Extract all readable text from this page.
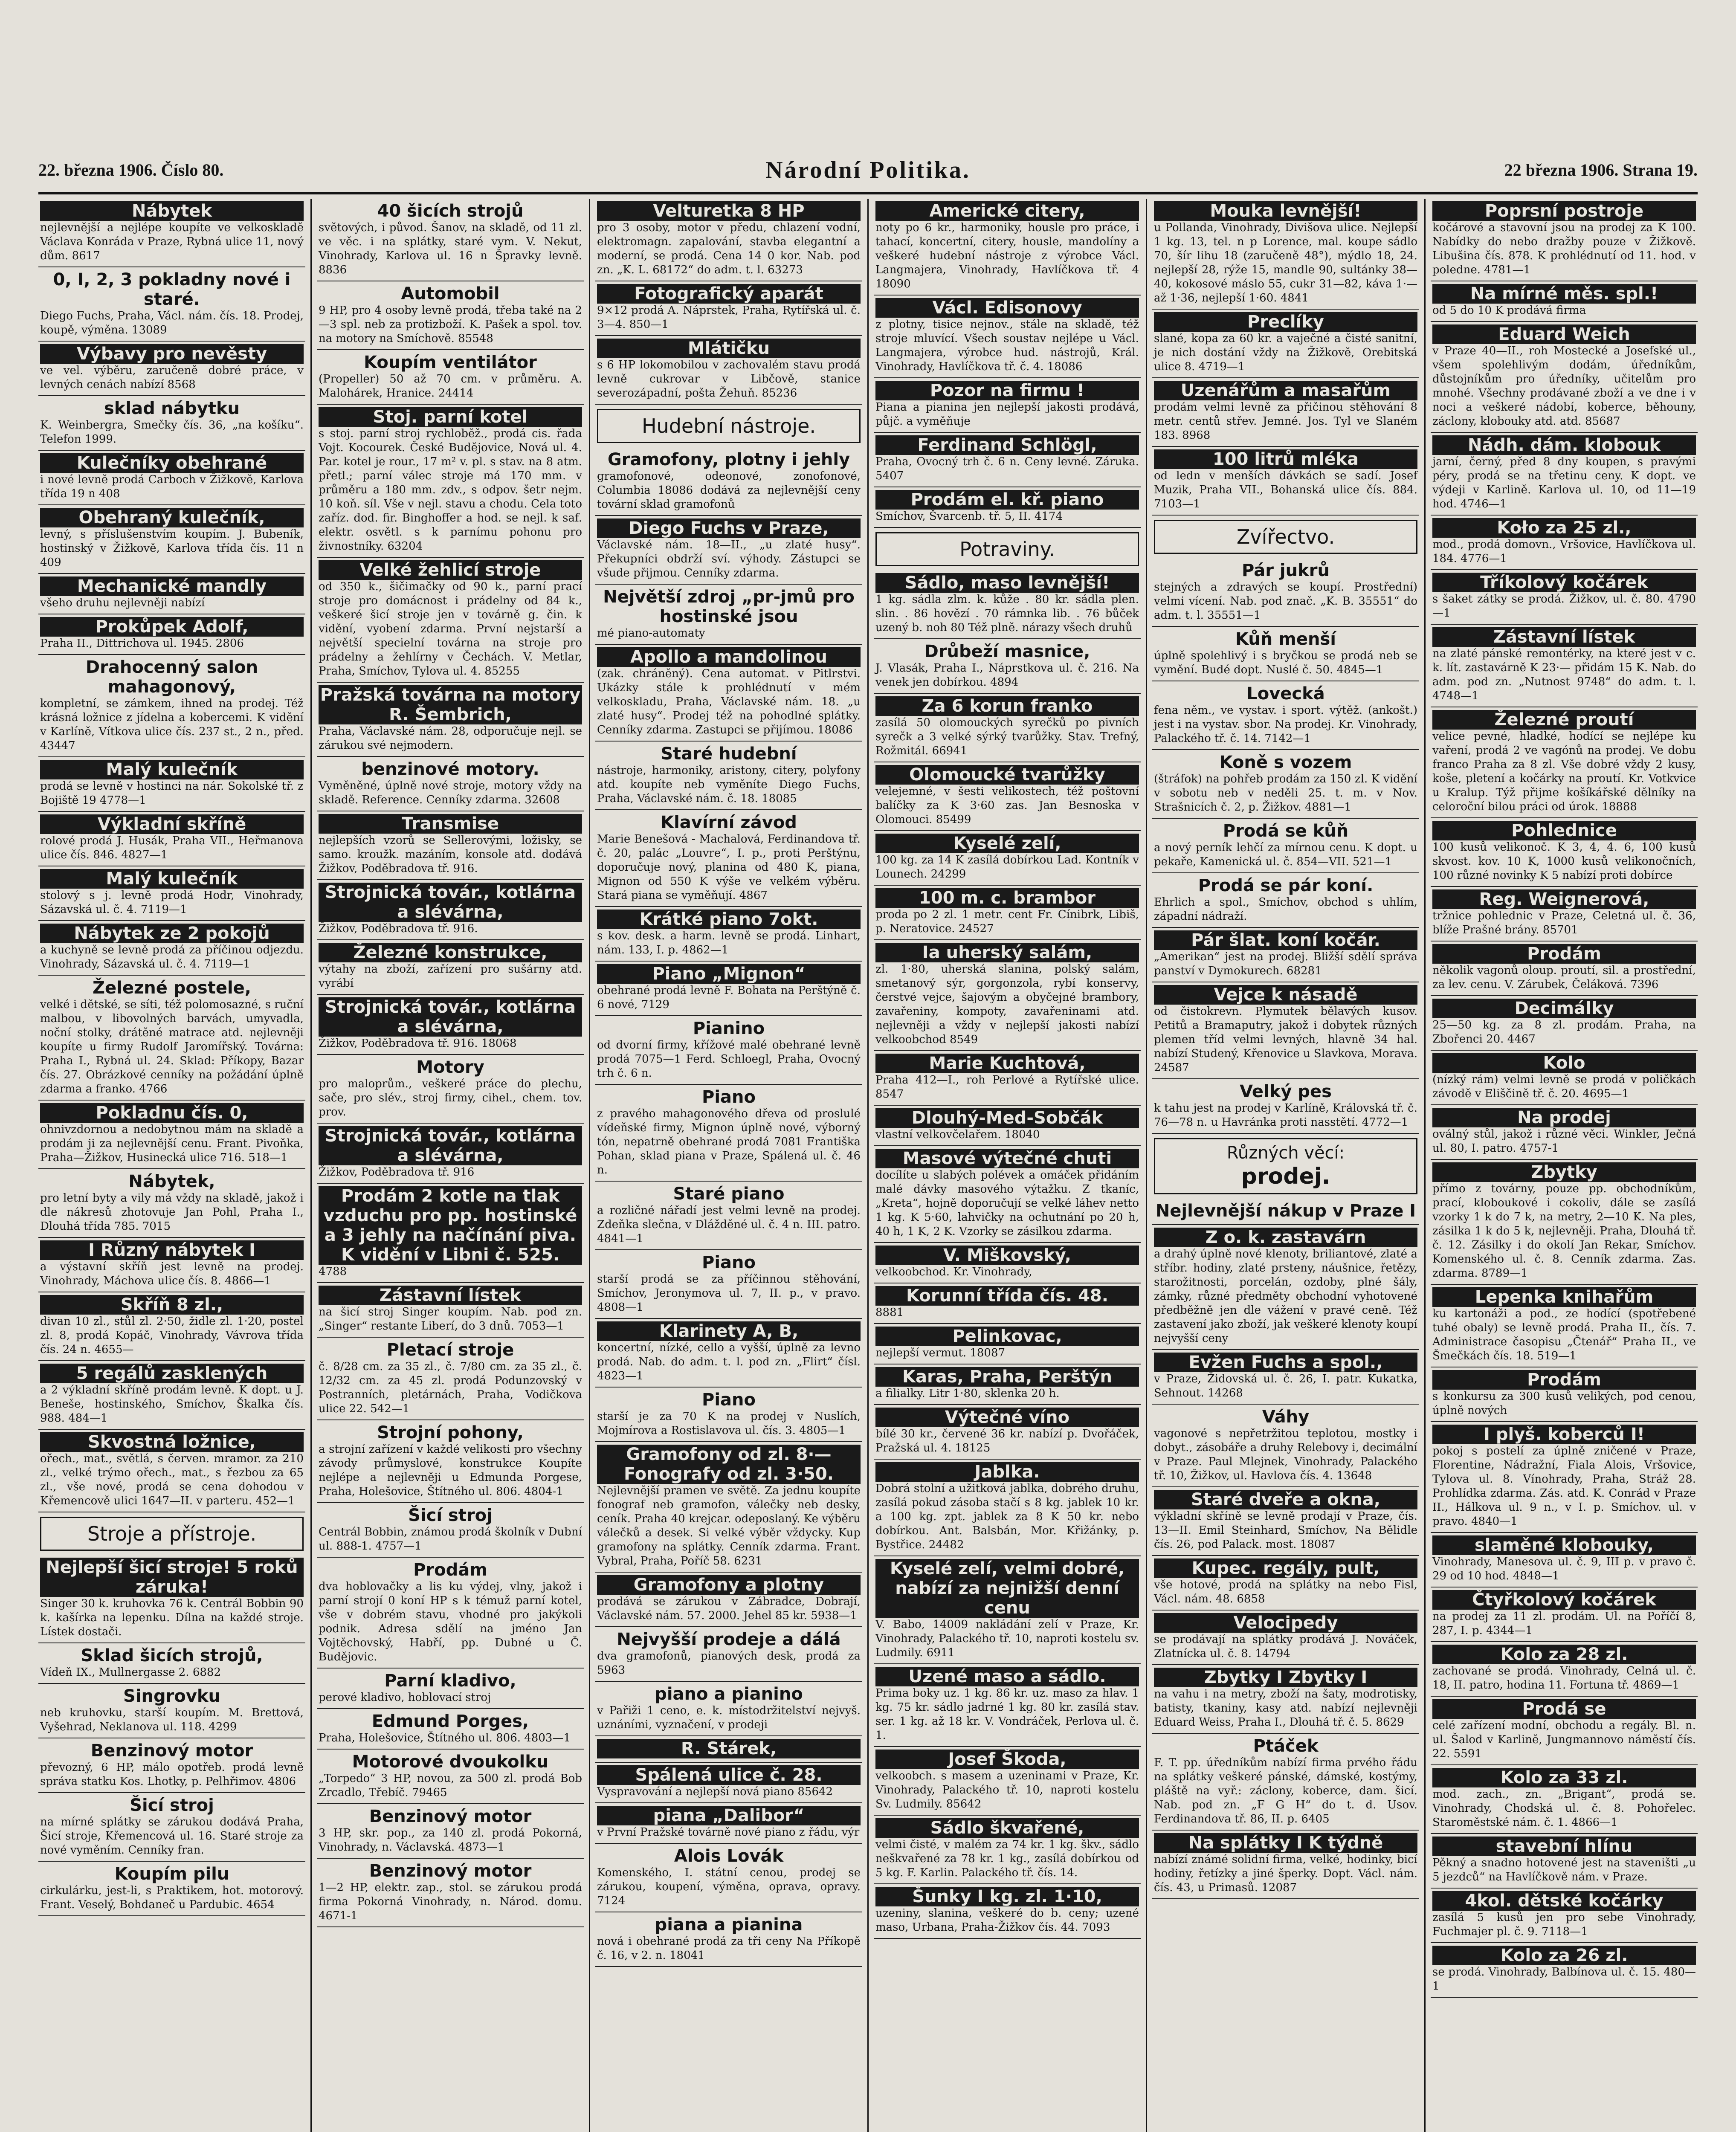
22. března 1906. Číslo 80.	Národní Politika.	22 března 1906. Strana 19.
Nábytek
nejlevnější a nejlépe koupíte ve velkoskladě Václava Konráda v Praze, Rybná ulice 11, nový dům. 8617
0, I, 2, 3 pokladny nové i staré.
Diego Fuchs, Praha, Václ. nám. čís. 18. Prodej, koupě, výměna. 13089
Výbavy pro nevěsty
ve vel. výběru, zaručeně dobré práce, v levných cenách nabízí 8568
sklad nábytku
K. Weinbergra, Smečky čís. 36, „na košíku“. Telefon 1999.
Kulečníky obehrané
i nové levně prodá Carboch v Žižkově, Karlova třída 19 n 408
Obehraný kulečník,
levný, s příslušenstvím koupím. J. Bubeník, hostinský v Žižkově, Karlova třída čís. 11 n 409
Mechanické mandly
všeho druhu nejlevněji nabízí
Prokůpek Adolf,
Praha II., Dittrichova ul. 1945. 2806
Drahocenný salon mahagonový,
kompletní, se zámkem, ihned na prodej. Též krásná ložnice z jídelna a kobercemi. K vidění v Karlíně, Vítkova ulice čís. 237 st., 2 n., před. 43447
Malý kulečník
prodá se levně v hostinci na nár. Sokolské tř. z Bojiště 19 4778—1
Výkladní skříně
rolové prodá J. Husák, Praha VII., Heřmanova ulice čís. 846. 4827—1
Malý kulečník
stolový s j. levně prodá Hodr, Vinohrady, Sázavská ul. č. 4. 7119—1
Nábytek ze 2 pokojů
a kuchyně se levně prodá za příčinou odjezdu. Vinohrady, Sázavská ul. č. 4. 7119—1
Železné postele,
velké i dětské, se síti, též polomosazné, s ruční malbou, v libovolných barvách, umyvadla, noční stolky, drátěné matrace atd. nejlevněji koupíte u firmy Rudolf Jaromířský. Továrna: Praha I., Rybná ul. 24. Sklad: Příkopy, Bazar čís. 27. Obrázkové cenníky na požádání úplně zdarma a franko. 4766
Pokladnu čís. 0,
ohnivzdornou a nedobytnou mám na skladě a prodám ji za nejlevnější cenu. Frant. Pivoňka, Praha—Žižkov, Husinecká ulice 716. 518—1
Nábytek,
pro letní byty a vily má vždy na skladě, jakož i dle nákresů zhotovuje Jan Pohl, Praha I., Dlouhá třída 785. 7015
I Různý nábytek I
a výstavní skříň jest levně na prodej. Vinohrady, Máchova ulice čís. 8. 4866—1
Skříň 8 zl.,
divan 10 zl., stůl zl. 2·50, židle zl. 1·20, postel zl. 8, prodá Kopáč, Vinohrady, Vávrova třída čís. 24 n. 4655—
5 regálů zasklených
a 2 výkladní skříně prodám levně. K dopt. u J. Beneše, hostinského, Smíchov, Škalka čís. 988. 484—1
Skvostná ložnice,
ořech., mat., světlá, s červen. mramor. za 210 zl., velké trýmo ořech., mat., s řezbou za 65 zl., vše nové, prodá se cena dohodou v Křemencově ulici 1647—II. v parteru. 452—1
Stroje a přístroje.
Nejlepší šicí stroje! 5 roků záruka!
Singer 30 k. kruhovka 76 k. Centrál Bobbin 90 k. kašírka na lepenku. Dílna na každé stroje. Lístek dostači.
Sklad šicích strojů,
Vídeň IX., Mullnergasse 2. 6882
Singrovku
neb kruhovku, starší koupím. M. Brettová, Vyšehrad, Neklanova ul. 118. 4299
Benzinový motor
převozný, 6 HP, málo opotřeb. prodá levně správa statku Kos. Lhotky, p. Pelhřimov. 4806
Šicí stroj
na mírné splátky se zárukou dodává Praha, Šicí stroje, Křemencová ul. 16. Staré stroje za nové vyměním. Cenníky fran.
Koupím pilu
cirkulárku, jest-li, s Praktikem, hot. motorový. Frant. Veselý, Bohdaneč u Pardubic. 4654
40 šicích strojů
světových, i původ. Šanov, na skladě, od 11 zl. ve věc. i na splátky, staré vym. V. Nekut, Vinohrady, Karlova ul. 16 n Špravky levně. 8836
Automobil
9 HP, pro 4 osoby levně prodá, třeba také na 2—3 spl. neb za protizboží. K. Pašek a spol. tov. na motory na Smíchově. 85548
Koupím ventilátor
(Propeller) 50 až 70 cm. v průměru. A. Malohárek, Hranice. 24414
Stoj. parní kotel
s stoj. parní stroj rychloběž., prodá cis. řada Vojt. Kocourek. České Budějovice, Nová ul. 4. Par. kotel je rour., 17 m² v. pl. s stav. na 8 atm. přetl.; parní válec stroje má 170 mm. v průměru a 180 mm. zdv., s odpov. šetr nejm. 10 koň. síl. Vše v nejl. stavu a chodu. Cela toto zaříz. dod. fir. Binghoffer a hod. se nejl. k saf. elektr. osvětl. s k parnímu pohonu pro živnostníky. 63204
Velké žehlicí stroje
od 350 k., šičimačky od 90 k., parní prací stroje pro domácnost i prádelny od 84 k., veškeré šicí stroje jen v továrně g. čin. k vidění, vyobení zdarma. První nejstarší a největší specielní továrna na stroje pro prádelny a žehlírny v Čechách. V. Metlar, Praha, Smíchov, Tylova ul. 4. 85255
Pražská továrna na motory R. Šembrich,
Praha, Václavské nám. 28, odporučuje nejl. se zárukou své nejmodern.
benzinové motory.
Vyměněné, úplně nové stroje, motory vždy na skladě. Reference. Cenníky zdarma. 32608
Transmise
nejlepších vzorů se Sellerovými, ložisky, se samo. kroužk. mazáním, konsole atd. dodává Žižkov, Poděbradova tř. 916.
Strojnická továr., kotlárna a slévárna,
Žižkov, Poděbradova tř. 916.
Železné konstrukce,
výtahy na zboží, zařízení pro sušárny atd. vyrábí
Strojnická továr., kotlárna a slévárna,
Žižkov, Poděbradova tř. 916. 18068
Motory
pro maloprům., veškeré práce do plechu, sače, pro slév., stroj firmy, cihel., chem. tov. prov.
Strojnická továr., kotlárna a slévárna,
Žižkov, Poděbradova tř. 916
Prodám 2 kotle na tlak vzduchu pro pp. hostinské a 3 jehly na načínání piva. K vidění v Libni č. 525.
4788
Zástavní lístek
na šicí stroj Singer koupím. Nab. pod zn. „Singer“ restante Liberí, do 3 dnů. 7053—1
Pletací stroje
č. 8/28 cm. za 35 zl., č. 7/80 cm. za 35 zl., č. 12/32 cm. za 45 zl. prodá Podunzovský v Postranních, pletárnách, Praha, Vodičkova ulice 22. 542—1
Strojní pohony,
a strojní zařízení v každé velikosti pro všechny závody průmyslové, konstrukce Koupíte nejlépe a nejlevněji u Edmunda Porgese, Praha, Holešovice, Štítného ul. 806. 4804-1
Šicí stroj
Centrál Bobbin, známou prodá školník v Dubní ul. 888-1. 4757—1
Prodám
dva hoblovačky a lis ku výdej, vlny, jakož i parní strojí 0 koní HP s k témuž parní kotel, vše v dobrém stavu, vhodné pro jakýkoli podnik. Adresa sdělí na jméno Jan Vojtěchovský, Habří, pp. Dubné u Č. Budějovic.
Parní kladivo,
perové kladivo, hoblovací stroj
Edmund Porges,
Praha, Holešovice, Štítného ul. 806. 4803—1
Motorové dvoukolku
„Torpedo“ 3 HP, novou, za 500 zl. prodá Bob Zrcadlo, Třebíč. 79465
Benzinový motor
3 HP, skr. pop., za 140 zl. prodá Pokorná, Vinohrady, n. Václavská. 4873—1
Benzinový motor
1—2 HP, elektr. zap., stol. se zárukou prodá firma Pokorná Vinohrady, n. Národ. domu. 4671-1
Velturetka 8 HP
pro 3 osoby, motor v předu, chlazení vodní, elektromagn. zapalování, stavba elegantní a moderní, se prodá. Cena 14 0 kor. Nab. pod zn. „K. L. 68172“ do adm. t. l. 63273
Fotografický aparát
9×12 prodá A. Náprstek, Praha, Rytířská ul. č. 3—4. 850—1
Mlátičku
s 6 HP lokomobilou v zachovalém stavu prodá levně cukrovar v Libčově, stanice severozápadní, pošta Žehuň. 85236
Hudební nástroje.
Gramofony, plotny i jehly
gramofonové, odeonové, zonofonové, Columbia 18086 dodává za nejlevnější ceny tovární sklad gramofonů
Diego Fuchs v Praze,
Václavské nám. 18—II., „u zlaté husy“. Překupníci obdrží sví. výhody. Zástupci se všude přijmou. Cenníky zdarma.
Největší zdroj „pr-jmů pro hostinské jsou
mé piano-automaty
Apollo a mandolinou
(zak. chráněný). Cena automat. v Pitlrstvi. Ukázky stále k prohlédnutí v mém velkoskladu, Praha, Václavské nám. 18. „u zlaté husy“. Prodej též na pohodlné splátky. Cenníky zdarma. Zastupci se přijímou. 18086
Staré hudební
nástroje, harmoniky, aristony, citery, polyfony atd. koupíte neb vyměníte Diego Fuchs, Praha, Václavské nám. č. 18. 18085
Klavírní závod
Marie Benešová - Machalová, Ferdinandova tř. č. 20, palác „Louvre“, I. p., proti Perštýnu, doporučuje nový, planina od 480 K, piana, Mignon od 550 K výše ve velkém výběru. Stará piana se vyměňují. 4867
Krátké piano 7okt.
s kov. desk. a harm. levně se prodá. Linhart, nám. 133, I. p. 4862—1
Piano „Mignon“
obehrané prodá levně F. Bohata na Perštýně č. 6 nové, 7129
Pianino
od dvorní firmy, křížové malé obehrané levně prodá 7075—1 Ferd. Schloegl, Praha, Ovocný trh č. 6 n.
Piano
z pravého mahagonového dřeva od proslulé vídeňské firmy, Mignon úplně nové, výborný tón, nepatrně obehrané prodá 7081 Františka Pohan, sklad piana v Praze, Spálená ul. č. 46 n.
Staré piano
a rozličné nářadí jest velmi levně na prodej. Zdeňka slečna, v Dlážděné ul. č. 4 n. III. patro. 4841—1
Piano
starší prodá se za příčinnou stěhování, Smíchov, Jeronymova ul. 7, II. p., v pravo. 4808—1
Klarinety A, B,
koncertní, nízké, cello a vyšší, úplně za levno prodá. Nab. do adm. t. l. pod zn. „Flirt“ čísl. 4823—1
Piano
starší je za 70 K na prodej v Nuslích, Mojmírova a Rostislavova ul. čís. 3. 4805—1
Gramofony od zl. 8·— Fonografy od zl. 3·50.
Nejlevnější pramen ve světě. Za jednu koupíte fonograf neb gramofon, válečky neb desky, ceník. Praha 40 krejcar. odeposlaný. Ke výběru válečků a desek. Si velké výběr vždycky. Kup gramofony na splátky. Cenník zdarma. Frant. Vybral, Praha, Poříč 58. 6231
Gramofony a plotny
prodává se zárukou v Zábradce, Dobrají, Václavské nám. 57. 2000. Jehel 85 kr. 5938—1
Nejvyšší prodeje a dálá
dva gramofonů, pianových desk, prodá za 5963
piano a pianino
v Pařiži 1 ceno, e. k. místodržitelství nejvyš. uznáními, vyznačení, v prodeji
R. Stárek,
Spálená ulice č. 28.
Vyspravování a nejlepší nová piano 85642
piana „Dalibor“
v První Pražské továrně nové piano z řádu, výr
Alois Lovák
Komenského, I. státní cenou, prodej se zárukou, koupení, výměna, oprava, opravy. 7124
piana a pianina
nová i obehrané prodá za tři ceny Na Příkopě č. 16, v 2. n. 18041
Americké citery,
noty po 6 kr., harmoniky, housle pro práce, i tahací, koncertní, citery, housle, mandolíny a veškeré hudební nástroje z výrobce Václ. Langmajera, Vinohrady, Havlíčkova tř. 4 18090
Václ. Edisonovy
z plotny, tisice nejnov., stále na skladě, též stroje mluvící. Všech soustav nejlépe u Václ. Langmajera, výrobce hud. nástrojů, Král. Vinohrady, Havlíčkova tř. č. 4. 18086
Pozor na firmu !
Piana a pianina jen nejlepší jakosti prodává, půjč. a vyměňuje
Ferdinand Schlögl,
Praha, Ovocný trh č. 6 n. Ceny levné. Záruka. 5407
Prodám el. kř. piano
Smíchov, Švarcenb. tř. 5, II. 4174
Potraviny.
Sádlo, maso levnější!
1 kg. sádla zlm. k. kůže . 80 kr. sádla plen. slin. . 86 hovězí . 70 rámnka lib. . 76 bůček uzený b. noh 80 Též plně. nárazy všech druhů
Drůbeží masnice,
J. Vlasák, Praha I., Náprstkova ul. č. 216. Na venek jen dobírkou. 4894
Za 6 korun franko
zasílá 50 olomouckých syrečků po pivních syrečk a 3 velké sýrký tvarůžky. Stav. Trefný, Rožmitál. 66941
Olomoucké tvarůžky
velejemné, v šesti velikostech, též poštovní balíčky za K 3·60 zas. Jan Besnoska v Olomouci. 85499
Kyselé zelí,
100 kg. za 14 K zasílá dobírkou Lad. Kontník v Lounech. 24299
100 m. c. brambor
proda po 2 zl. 1 metr. cent Fr. Cínibrk, Libiš, p. Neratovice. 24527
Ia uherský salám,
zl. 1·80, uherská slanina, polský salám, smetanový sýr, gorgonzola, rybí konservy, čerstvé vejce, šajovým a obyčejné brambory, zavařeniny, kompoty, zavařeninami atd. nejlevněji a vždy v nejlepší jakosti nabízí velkoobchod 8549
Marie Kuchtová,
Praha 412—I., roh Perlové a Rytířské ulice. 8547
Dlouhý-Med-Sobčák
vlastní velkovčelařem. 18040
Masové výtečné chuti
docílíte u slabých polévek a omáček přidáním malé dávky masového výtažku. Z tkaníc, „Kreta“, hojně doporučují se velké láhev netto 1 kg. K 5·60, lahvičky na ochutnání po 20 h, 40 h, 1 K, 2 K. Vzorky se zásilkou zdarma.
V. Miškovský,
velkoobchod. Kr. Vinohrady,
Korunní třída čís. 48.
8881
Pelinkovac,
nejlepší vermut. 18087
Karas, Praha, Perštýn
a filialky. Litr 1·80, sklenka 20 h.
Výtečné víno
bílé 30 kr., červené 36 kr. nabízí p. Dvořáček, Pražská ul. 4. 18125
Jablka.
Dobrá stolní a užitková jablka, dobrého druhu, zasílá pokud zásoba stačí s 8 kg. jablek 10 kr. a 100 kg. zpt. jablek za 8 K 50 kr. nebo dobírkou. Ant. Balsbán, Mor. Křižánky, p. Bystřice. 24482
Kyselé zelí, velmi dobré, nabízí za nejnižší denní cenu
V. Babo, 14009 nakládání zelí v Praze, Kr. Vinohrady, Palackého tř. 10, naproti kostelu sv. Ludmily. 6911
Uzené maso a sádlo.
Prima boky uz. 1 kg. 86 kr. uz. maso za hlav. 1 kg. 75 kr. sádlo jadrné 1 kg. 80 kr. zasílá stav. ser. 1 kg. až 18 kr. V. Vondráček, Perlova ul. č. 1.
Josef Škoda,
velkoobch. s masem a uzeninami v Praze, Kr. Vinohrady, Palackého tř. 10, naproti kostelu Sv. Ludmily. 85642
Sádlo škvařené,
velmi čisté, v malém za 74 kr. 1 kg. škv., sádlo neškvařené za 78 kr. 1 kg., zasílá dobírkou od 5 kg. F. Karlin. Palackého tř. čís. 14.
Šunky I kg. zl. 1·10,
uzeniny, slanina, veškeré do b. ceny; uzené maso, Urbana, Praha-Žižkov čís. 44. 7093
Mouka levnější!
u Pollanda, Vinohrady, Divišova ulice. Nejlepší 1 kg. 13, tel. n p Lorence, mal. koupe sádlo 70, šír lihu 18 (zaručeně 48°), mýdlo 18, 24. nejlepší 28, rýže 15, mandle 90, sultánky 38—40, kokosové máslo 55, cukr 31—82, káva 1·— až 1·36, nejlepší 1·60. 4841
Preclíky
slané, kopa za 60 kr. a vaječné a čisté sanitní, je nich dostání vždy na Žižkově, Orebitská ulice 8. 4719—1
Uzenářům a masařům
prodám velmi levně za přičinou stěhování 8 metr. centů střev. Jemné. Jos. Tyl ve Slaném 183. 8968
100 litrů mléka
od ledn v menších dávkách se sadí. Josef Muzik, Praha VII., Bohanská ulice čís. 884. 7103—1
Zvířectvo.
Pár jukrů
stejných a zdravých se koupí. Prostřední) velmi vícení. Nab. pod znač. „K. B. 35551“ do adm. t. l. 35551—1
Kůň menší
úplně spolehlivý i s bryčkou se prodá neb se vymění. Budé dopt. Nuslé č. 50. 4845—1
Lovecká
fena něm., ve vystav. i sport. výtěž. (ankošt.) jest i na vystav. sbor. Na prodej. Kr. Vinohrady, Palackého tř. č. 14. 7142—1
Koně s vozem
(štráfok) na pohřeb prodám za 150 zl. K vidění v sobotu neb v neděli 25. t. m. v Nov. Strašnicích č. 2, p. Žižkov. 4881—1
Prodá se kůň
a nový perník lehčí za mírnou cenu. K dopt. u pekaře, Kamenická ul. č. 854—VII. 521—1
Prodá se pár koní.
Ehrlich a spol., Smíchov, obchod s uhlím, západní nádraží.
Pár šlat. koní kočár.
„Amerikan“ jest na prodej. Bližší sdělí správa panství v Dymokurech. 68281
Vejce k násadě
od čistokrevn. Plymutek bělavých kusov. Petitů a Bramaputry, jakož i dobytek různých plemen tříd velmi levných, hlavně 34 hal. nabízí Studený, Křenovice u Slavkova, Morava. 24587
Velký pes
k tahu jest na prodej v Karlíně, Královská tř. č. 76—78 n. u Havránka proti nasstětí. 4772—1
Různých věcí:
prodej.
Nejlevnější nákup v Praze I
Z o. k. zastavárn
a drahý úplně nové klenoty, briliantové, zlaté a stříbr. hodiny, zlaté prsteny, náušnice, řetězy, starožitnosti, porcelán, ozdoby, plné šály, zámky, různé předměty obchodní vyhotovené předběžně jen dle vážení v pravé ceně. Též zastavení jako zboží, jak veškeré klenoty koupí nejvyšší ceny
Evžen Fuchs a spol.,
v Praze, Židovská ul. č. 26, I. patr. Kukatka, Sehnout. 14268
Váhy
vagonové s nepřetržitou teplotou, mostky i dobyt., zásobáře a druhy Relebovy i, decimální v Praze. Paul Mlejnek, Vinohrady, Palackého tř. 10, Žižkov, ul. Havlova čís. 4. 13648
Staré dveře a okna,
výkladní skříně se levně prodají v Praze, čís. 13—II. Emil Steinhard, Smíchov, Na Bělidle čís. 26, pod Palack. most. 18087
Kupec. regály, pult,
vše hotové, prodá na splátky na nebo Fisl, Václ. nám. 48. 6858
Velocipedy
se prodávají na splátky prodává J. Nováček, Zlatnícka ul. č. 8. 14794
Zbytky I Zbytky I
na vahu i na metry, zboží na šaty, modrotisky, batisty, tkaniny, kasy atd. nabízí nejlevněji Eduard Weiss, Praha I., Dlouhá tř. č. 5. 8629
Ptáček
F. T. pp. úředníkům nabízí firma prvého řádu na splátky veškeré pánské, dámské, kostýmy, pláště na vyř.: záclony, koberce, dam. šicí. Nab. pod zn. „F G H“ do t. d. Usov. Ferdinandova tř. 86, II. p. 6405
Na splátky I K týdně
nabízí známé solidní firma, velké, hodinky, bicí hodiny, řetízky a jiné šperky. Dopt. Václ. nám. čís. 43, u Primasů. 12087
Poprsní postroje
kočárové a stavovní jsou na prodej za K 100. Nabídky do nebo dražby pouze v Žižkově. Libušina čís. 878. K prohlédnutí od 11. hod. v poledne. 4781—1
Na mírné měs. spl.!
od 5 do 10 K prodává firma
Eduard Weich
v Praze 40—II., roh Mostecké a Josefské ul., všem spolehlivým dodám, úředníkům, důstojníkům pro úředníky, učitelům pro mnohé. Všechny prodávané zboží a ve dne i v noci a veškeré nádobí, koberce, běhouny, záclony, klobouky atd. atd. 85687
Nádh. dám. klobouk
jarní, černý, před 8 dny koupen, s pravými péry, prodá se na třetinu ceny. K dopt. ve výdeji v Karlině. Karlova ul. 10, od 11—19 hod. 4746—1
Koło za 25 zl.,
mod., prodá domovn., Vršovice, Havlíčkova ul. 184. 4776—1
Tříkolový kočárek
s šaket zátky se prodá. Žižkov, ul. č. 80. 4790—1
Zástavní lístek
na zlaté pánské remontérky, na které jest v c. k. lít. zastavárně K 23·— přidám 15 K. Nab. do adm. pod zn. „Nutnost 9748“ do adm. t. l. 4748—1
Železné proutí
velice pevné, hladké, hodící se nejlépe ku vaření, prodá 2 ve vagónů na prodej. Ve dobu franco Praha za 8 zl. Vše dobré vždy 2 kusy, koše, pletení a kočárky na proutí. Kr. Votkvice u Kralup. Týž přijme košíkářské dělníky na celoroční bilou práci od úrok. 18888
Pohlednice
100 kusů velikonoč. K 3, 4, 4. 6, 100 kusů skvost. kov. 10 K, 1000 kusů velikonočních, 100 různé novinky K 5 nabízí proti dobírce
Reg. Weignerová,
tržnice pohlednic v Praze, Celetná ul. č. 36, blíže Prašné brány. 85701
Prodám
několik vagonů oloup. proutí, sil. a prostřední, za lev. cenu. V. Zárubek, Čeláková. 7396
Decimálky
25—50 kg. za 8 zl. prodám. Praha, na Zbořenci 20. 4467
Kolo
(nízký rám) velmi levně se prodá v poličkách závodě v Eliščině tř. č. 20. 4695—1
Na prodej
oválný stůl, jakož i různé věci. Winkler, Ječná ul. 80, I. patro. 4757-1
Zbytky
přímo z továrny, pouze pp. obchodníkům, prací, kloboukové i cokoliv, dále se zasílá vzorky 1 k do 7 k, na metry, 2—10 K. Na ples, zásilka 1 k do 5 k, nejlevněji. Praha, Dlouhá tř. č. 12. Zásilky i do okolí Jan Rekar, Smíchov. Komenského ul. č. 8. Cenník zdarma. Zas. zdarma. 8789—1
Lepenka knihařům
ku kartonáži a pod., ze hodící (spotřebené tuhé obaly) se levně prodá. Praha II., čís. 7. Administrace časopisu „Čtenář“ Praha II., ve Šmečkách čís. 18. 519—1
Prodám
s konkursu za 300 kusů velikých, pod cenou, úplně nových
I plyš. koberců I!
pokoj s postelí za úplně zničené v Praze, Florentine, Nádražní, Fiala Alois, Vršovice, Tylova ul. 8. Vínohrady, Praha, Stráž 28. Prohlídka zdarma. Zás. atd. K. Conrád v Praze II., Hálkova ul. 9 n., v I. p. Smíchov. ul. v pravo. 4840—1
slaměné klobouky,
Vinohrady, Manesova ul. č. 9, III p. v pravo č. 29 od 10 hod. 4848—1
Čtyřkolový kočárek
na prodej za 11 zl. prodám. Ul. na Poříčí 8, 287, I. p. 4344—1
Kolo za 28 zl.
zachované se prodá. Vinohrady, Celná ul. č. 18, II. patro, hodina 11. Fortuna tř. 4869—1
Prodá se
celé zařízení modní, obchodu a regály. Bl. n. ul. Šalod v Karlině, Jungmannovo náměstí čís. 22. 5591
Kolo za 33 zl.
mod. zach., zn. „Brigant“, prodá se. Vinohrady, Chodská ul. č. 8. Pohořelec. Staroměstské nám. č. 1. 4866—1
stavební hlínu
Pěkný a snadno hotovené jest na staveništi „u 5 jezdců“ na Havlíčkově nám. v Praze.
4kol. dětské kočárky
zasílá 5 kusů jen pro sebe Vinohrady, Fuchmajer pl. č. 9. 7118—1
Kolo za 26 zl.
se prodá. Vinohrady, Balbínova ul. č. 15. 480—1
